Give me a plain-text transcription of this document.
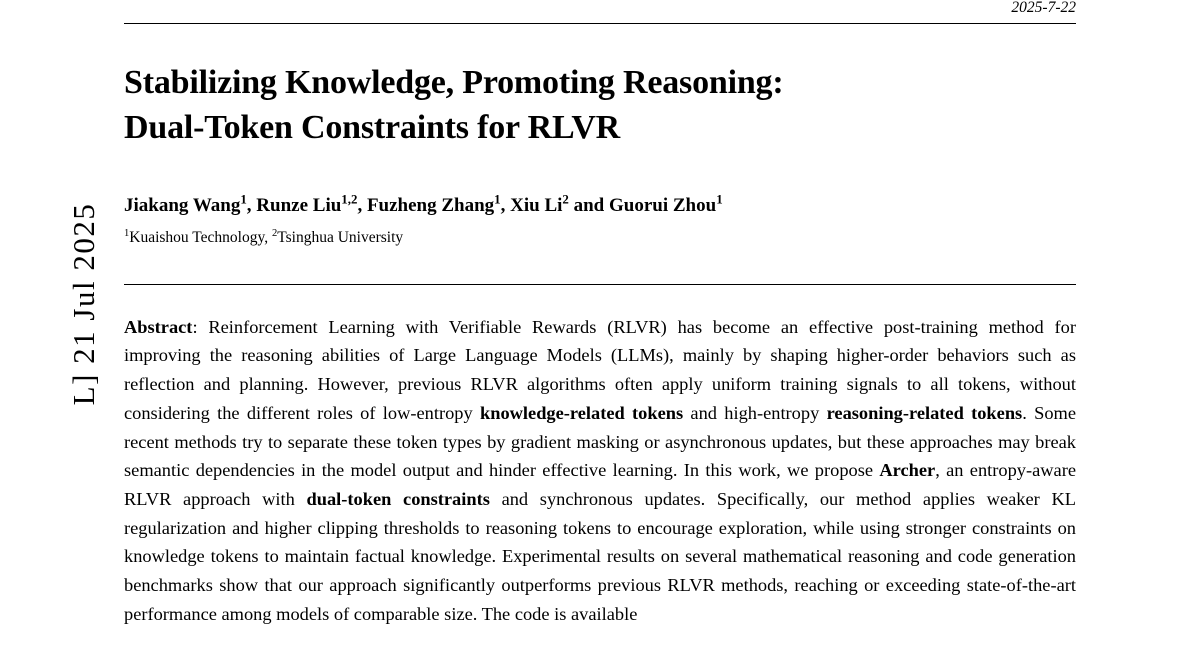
L] 21 Jul 2025
2025-7-22
Stabilizing Knowledge, Promoting Reasoning:
Dual-Token Constraints for RLVR
Jiakang Wang$^1$, Runze Liu$^{1,2}$, Fuzheng Zhang$^1$, Xiu Li$^2$ and Guorui Zhou$^1$
$^1$Kuaishou Technology, $^2$Tsinghua University
Abstract: Reinforcement Learning with Verifiable Rewards (RLVR) has become an effective post-training method for improving the reasoning abilities of Large Language Models (LLMs), mainly by shaping higher-order behaviors such as reflection and planning. However, previous RLVR algorithms often apply uniform training signals to all tokens, without considering the different roles of low-entropy knowledge-related tokens and high-entropy reasoning-related tokens. Some recent methods try to separate these token types by gradient masking or asynchronous updates, but these approaches may break semantic dependencies in the model output and hinder effective learning. In this work, we propose Archer, an entropy-aware RLVR approach with dual-token constraints and synchronous updates. Specifically, our method applies weaker KL regularization and higher clipping thresholds to reasoning tokens to encourage exploration, while using stronger constraints on knowledge tokens to maintain factual knowledge. Experimental results on several mathematical reasoning and code generation benchmarks show that our approach significantly outperforms previous RLVR methods, reaching or exceeding state-of-the-art performance among models of comparable size. The code is available
